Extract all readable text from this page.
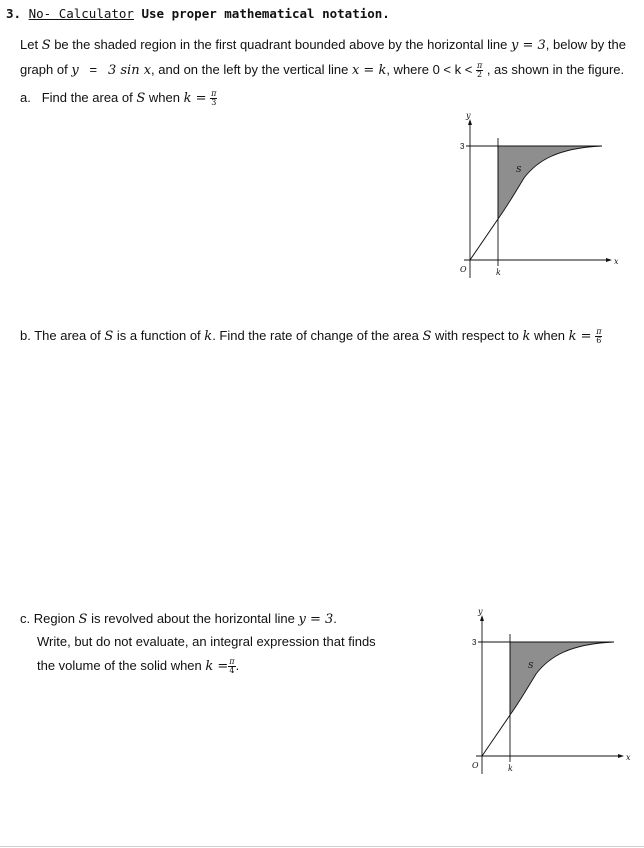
3. No- Calculator Use proper mathematical notation.
Let S be the shaded region in the first quadrant bounded above by the horizontal line y = 3, below by the
graph of y = 3 sin x, and on the left by the vertical line x = k, where $0 < k < \frac{\pi}{2}$ , as shown in the figure.
a. Find the area of S when $k = \frac{\pi}{3}$
y
x
3
O	k
S
b. The area of S is a function of k. Find the rate of change of the area S with respect to k when $k = \frac{\pi}{6}$
c. Region S is revolved about the horizontal line y = 3.
Write, but do not evaluate, an integral expression that finds
the volume of the solid when $k = \frac{\pi}{4}$ .
y
x
3
O	k
S
